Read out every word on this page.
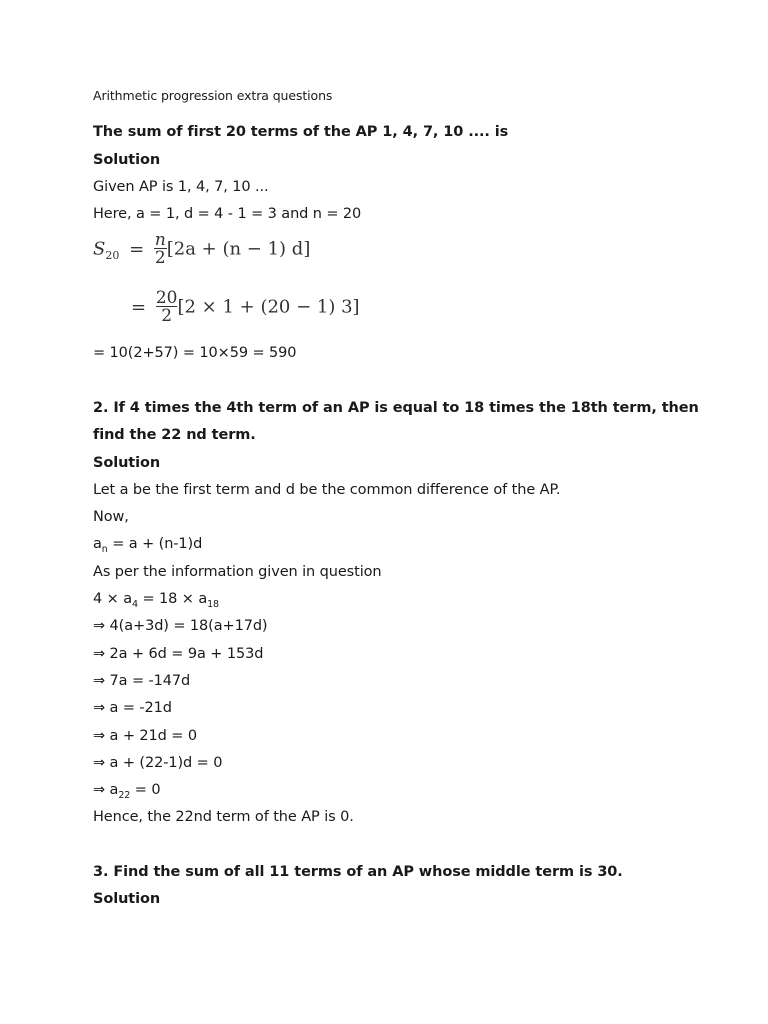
Arithmetic progression extra questions
The sum of first 20 terms of the AP 1, 4, 7, 10 .... is
Solution
Given AP is 1, 4, 7, 10 ...
Here, a = 1, d = 4 - 1 = 3 and n = 20
$S_{20} = \frac{n}{2} [2a + (n - 1)$ d]
= $\frac{20}{2} [2 \times 1 + (20 - 1)$ 3]
= 10(2+57) = 10×59 = 590
2. If 4 times the 4th term of an AP is equal to 18 times the 18th term, then
find the 22 nd term.
Solution
Let a be the first term and d be the common difference of the AP.
Now,
$a_n = a + (n-1)d$
As per the information given in question
$4 \times a_4 = 18 \times a_{18}$
⇒ 4(a+3d) = 18(a+17d)
⇒ 2a + 6d = 9a + 153d
⇒ 7a = -147d
⇒ a = -21d
⇒ a + 21d = 0
⇒ a + (22-1)d = 0
⇒ $a_{22} = 0$
Hence, the 22nd term of the AP is 0.
3. Find the sum of all 11 terms of an AP whose middle term is 30.
Solution
